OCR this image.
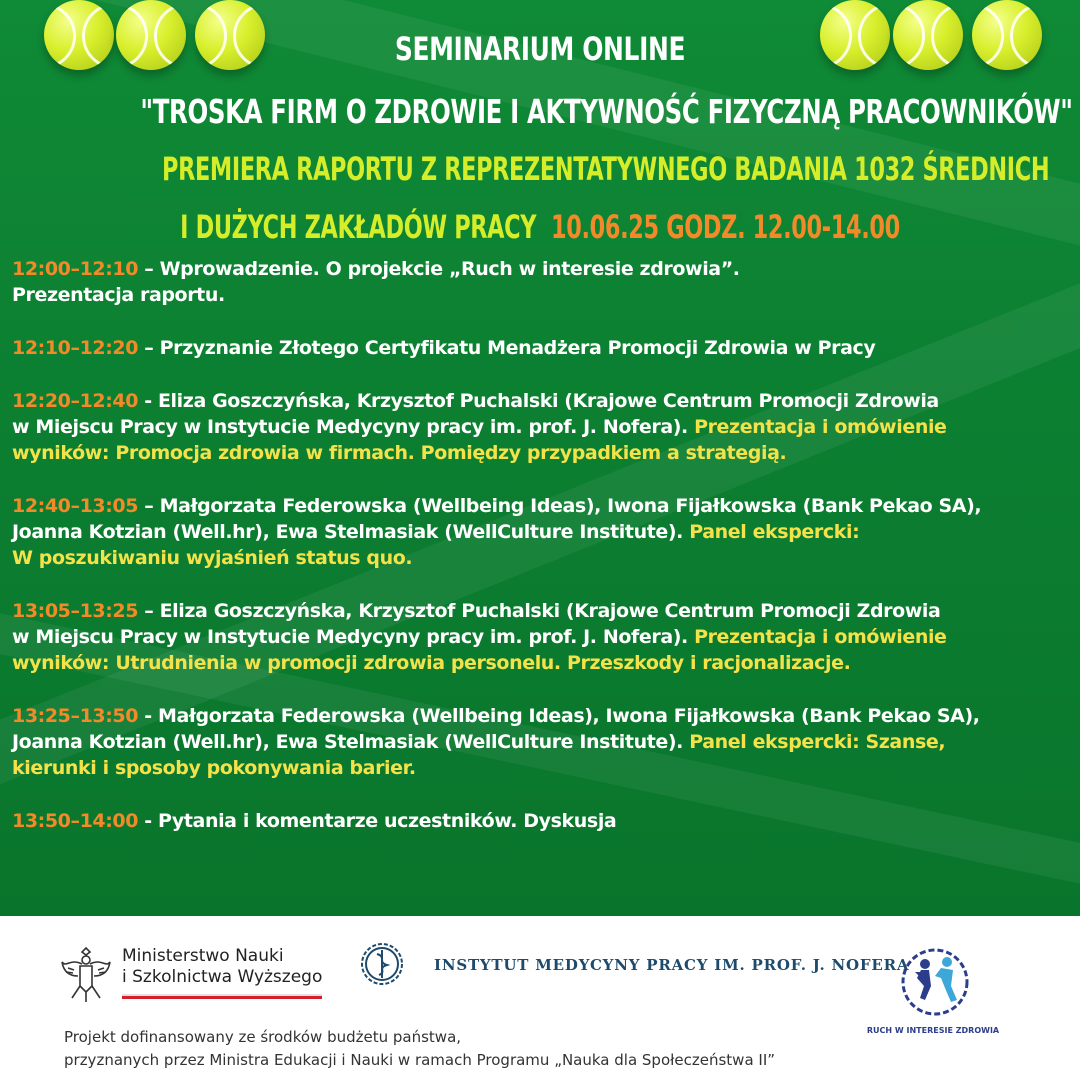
SEMINARIUM ONLINE
"TROSKA FIRM O ZDROWIE I AKTYWNOŚĆ FIZYCZNĄ PRACOWNIKÓW"
PREMIERA RAPORTU Z REPREZENTATYWNEGO BADANIA 1032 ŚREDNICH
I DUŻYCH ZAKŁADÓW PRACY 10.06.25 GODZ. 12.00-14.00
12:00–12:10 – Wprowadzenie. O projekcie „Ruch w interesie zdrowia”.
Prezentacja raportu.
12:10–12:20 – Przyznanie Złotego Certyfikatu Menadżera Promocji Zdrowia w Pracy
12:20–12:40 - Eliza Goszczyńska, Krzysztof Puchalski (Krajowe Centrum Promocji Zdrowia
w Miejscu Pracy w Instytucie Medycyny pracy im. prof. J. Nofera). Prezentacja i omówienie
wyników: Promocja zdrowia w firmach. Pomiędzy przypadkiem a strategią.
12:40–13:05 – Małgorzata Federowska (Wellbeing Ideas), Iwona Fijałkowska (Bank Pekao SA),
Joanna Kotzian (Well.hr), Ewa Stelmasiak (WellCulture Institute). Panel ekspercki:
W poszukiwaniu wyjaśnień status quo.
13:05–13:25 – Eliza Goszczyńska, Krzysztof Puchalski (Krajowe Centrum Promocji Zdrowia
w Miejscu Pracy w Instytucie Medycyny pracy im. prof. J. Nofera). Prezentacja i omówienie
wyników: Utrudnienia w promocji zdrowia personelu. Przeszkody i racjonalizacje.
13:25–13:50 - Małgorzata Federowska (Wellbeing Ideas), Iwona Fijałkowska (Bank Pekao SA),
Joanna Kotzian (Well.hr), Ewa Stelmasiak (WellCulture Institute). Panel ekspercki: Szanse,
kierunki i sposoby pokonywania barier.
13:50–14:00 - Pytania i komentarze uczestników. Dyskusja
Ministerstwo Nauki
i Szkolnictwa Wyższego
INSTYTUT MEDYCYNY PRACY IM. PROF. J. NOFERA
RUCH W INTERESIE ZDROWIA
Projekt dofinansowany ze środków budżetu państwa,
przyznanych przez Ministra Edukacji i Nauki w ramach Programu „Nauka dla Społeczeństwa II”
